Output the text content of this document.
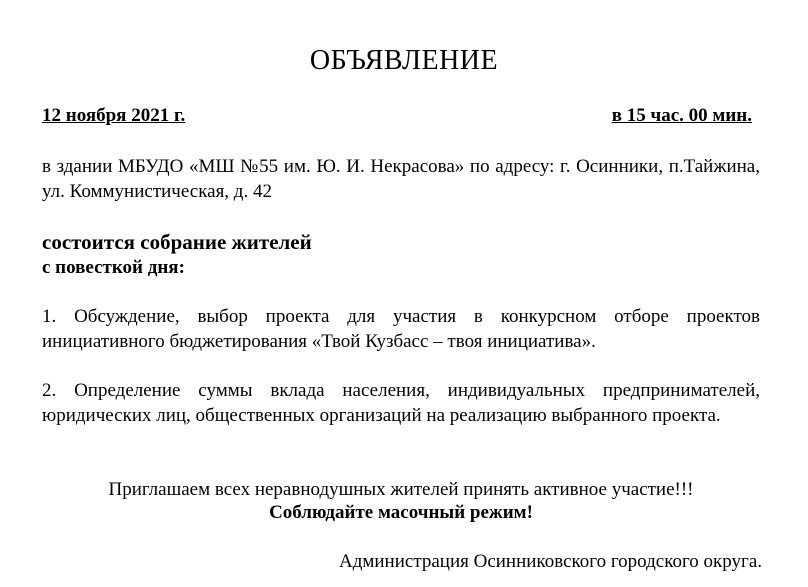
ОБЪЯВЛЕНИЕ
12 ноября 2021 г.	в 15 час. 00 мин.
в здании МБУДО «МШ №55 им. Ю. И. Некрасова» по адресу: г. Осинники, п.Тайжина, ул. Коммунистическая, д. 42
состоится собрание жителей
с повесткой дня:
1. Обсуждение, выбор проекта для участия в конкурсном отборе проектов инициативного бюджетирования «Твой Кузбасс – твоя инициатива».
2. Определение суммы вклада населения, индивидуальных предпринимателей, юридических лиц, общественных организаций на реализацию выбранного проекта.
Приглашаем всех неравнодушных жителей принять активное участие!!!
Соблюдайте масочный режим!
Администрация Осинниковского городского округа.
